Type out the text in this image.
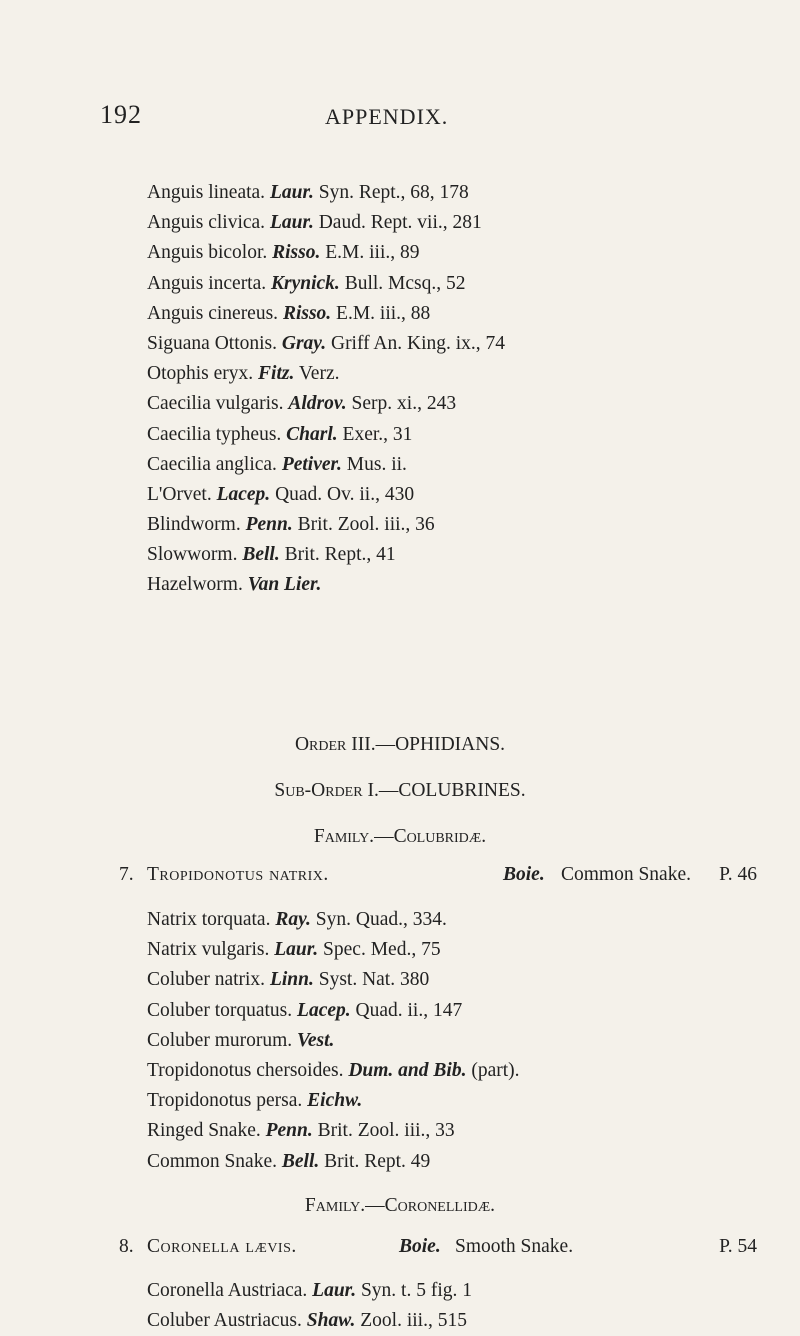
192	APPENDIX.
Anguis lineata. Laur. Syn. Rept., 68, 178
Anguis clivica. Laur. Daud. Rept. vii., 281
Anguis bicolor. Risso. E.M. iii., 89
Anguis incerta. Krynick. Bull. Mcsq., 52
Anguis cinereus. Risso. E.M. iii., 88
Siguana Ottonis. Gray. Griff An. King. ix., 74
Otophis eryx. Fitz. Verz.
Caecilia vulgaris. Aldrov. Serp. xi., 243
Caecilia typheus. Charl. Exer., 31
Caecilia anglica. Petiver. Mus. ii.
L'Orvet. Lacep. Quad. Ov. ii., 430
Blindworm. Penn. Brit. Zool. iii., 36
Slowworm. Bell. Brit. Rept., 41
Hazelworm. Van Lier.
Order III.—OPHIDIANS.
Sub-Order I.—COLUBRINES.
Family.—Colubridæ.
7. Tropidonotus natrix.	Boie. Common Snake. P. 46
Natrix torquata. Ray. Syn. Quad., 334.
Natrix vulgaris. Laur. Spec. Med., 75
Coluber natrix. Linn. Syst. Nat. 380
Coluber torquatus. Lacep. Quad. ii., 147
Coluber murorum. Vest.
Tropidonotus chersoides. Dum. and Bib. (part).
Tropidonotus persa. Eichw.
Ringed Snake. Penn. Brit. Zool. iii., 33
Common Snake. Bell. Brit. Rept. 49
Family.—Coronellidæ.
8. Coronella lævis.	Boie. Smooth Snake.	P. 54
Coronella Austriaca. Laur. Syn. t. 5 fig. 1
Coluber Austriacus. Shaw. Zool. iii., 515
